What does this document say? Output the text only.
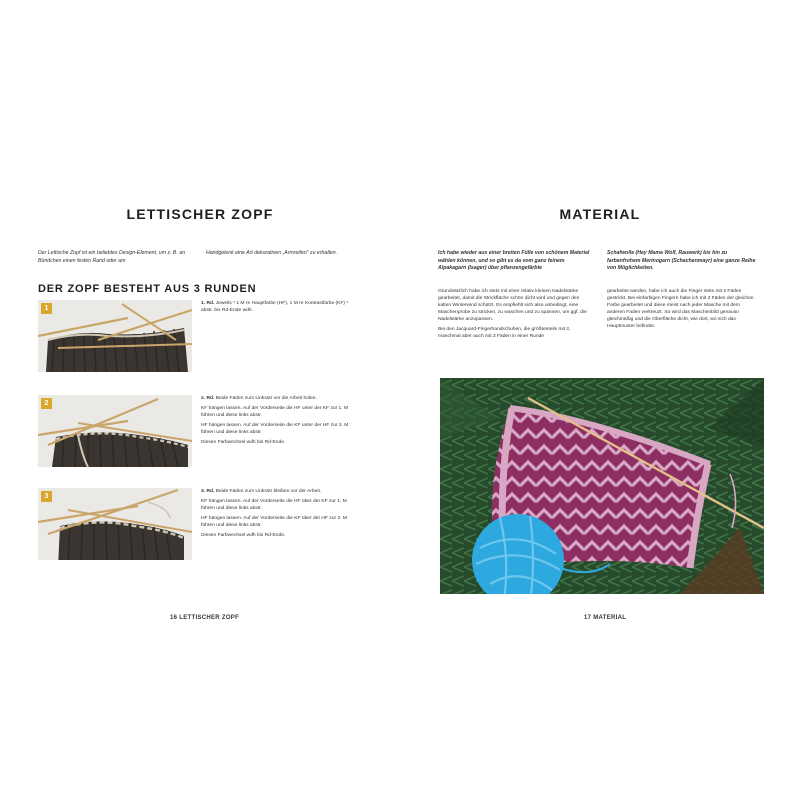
LETTISCHER ZOPF
Der Lettische Zopf ist ein beliebtes Design-Element, um z. B. an Bündchen einen festen Rand oder am
Handgelenk eine Art dekorativen „Armreifen" zu erhalten.
DER ZOPF BESTEHT AUS 3 RUNDEN
1

1. Rd. Jeweils * 1 M re Hauptfarbe (HF), 1 M re Kontrastfarbe (KF) * abstr. bis Rd-Ende wdh.

2

2. Rd. Beide Fäden zum Linksstr vor die Arbeit holen.

KF hängen lassen. Auf der Vorderseite die HF unter der KF zur 1. M führen und diese links abstr.

HF hängen lassen. Auf der Vorderseite die KF unter der HF zur 2. M führen und diese links abstr.

Diesen Farbwechsel wdh bis Rd-Ende.

3

3. Rd. Beide Fäden zum Linksstr bleiben vor der Arbeit.

KF hängen lassen. Auf der Vorderseite die HF über der KF zur 1. M führen und diese links abstr.

HF hängen lassen. Auf der Vorderseite die KF über der HF zur 2. M führen und diese links abstr.

Diesen Farbwechsel wdh bis Rd-Ende.

16 LETTISCHER ZOPF
MATERIAL
Ich habe wieder aus einer breiten Fülle von schönem Material wählen können, und so gibt es da vom ganz feinem Alpakagarn (Isager) über pflanzengefärbte
Schafwolle (Hey Mama Wolf, Rauwerk) bis hin zu farbenfrohem Merinogarn (Schachenmayr) eine ganze Reihe von Möglichkeiten.

Grundsätzlich habe ich stets mit einer relativ kleinen Nadelstärke gearbeitet, damit die Strickfläche schön dicht wird und gegen den kalten Winterwind schützt. Es empfiehlt sich also unbedingt, eine Maschenprobe zu stricken, zu waschen und zu spannen, um ggf. die Nadelstärke anzupassen.

Bei den Jacquard-Fingerhandschuhen, die größtenteils mit 2, manchmal aber auch mit 3 Fäden in einer Runde

gearbeitet werden, habe ich auch die Finger stets mit 2 Fäden gestrickt. Bei einfarbigen Fingern habe ich mit 2 Fäden der gleichen Farbe gearbeitet und diese meist nach jeder Masche mit dem anderen Faden verkreuzt. So wird das Maschenbild genauso gleichmäßig und die Oberfläche dicht, wie dort, wo sich das Hauptmuster befindet.

17 MATERIAL
